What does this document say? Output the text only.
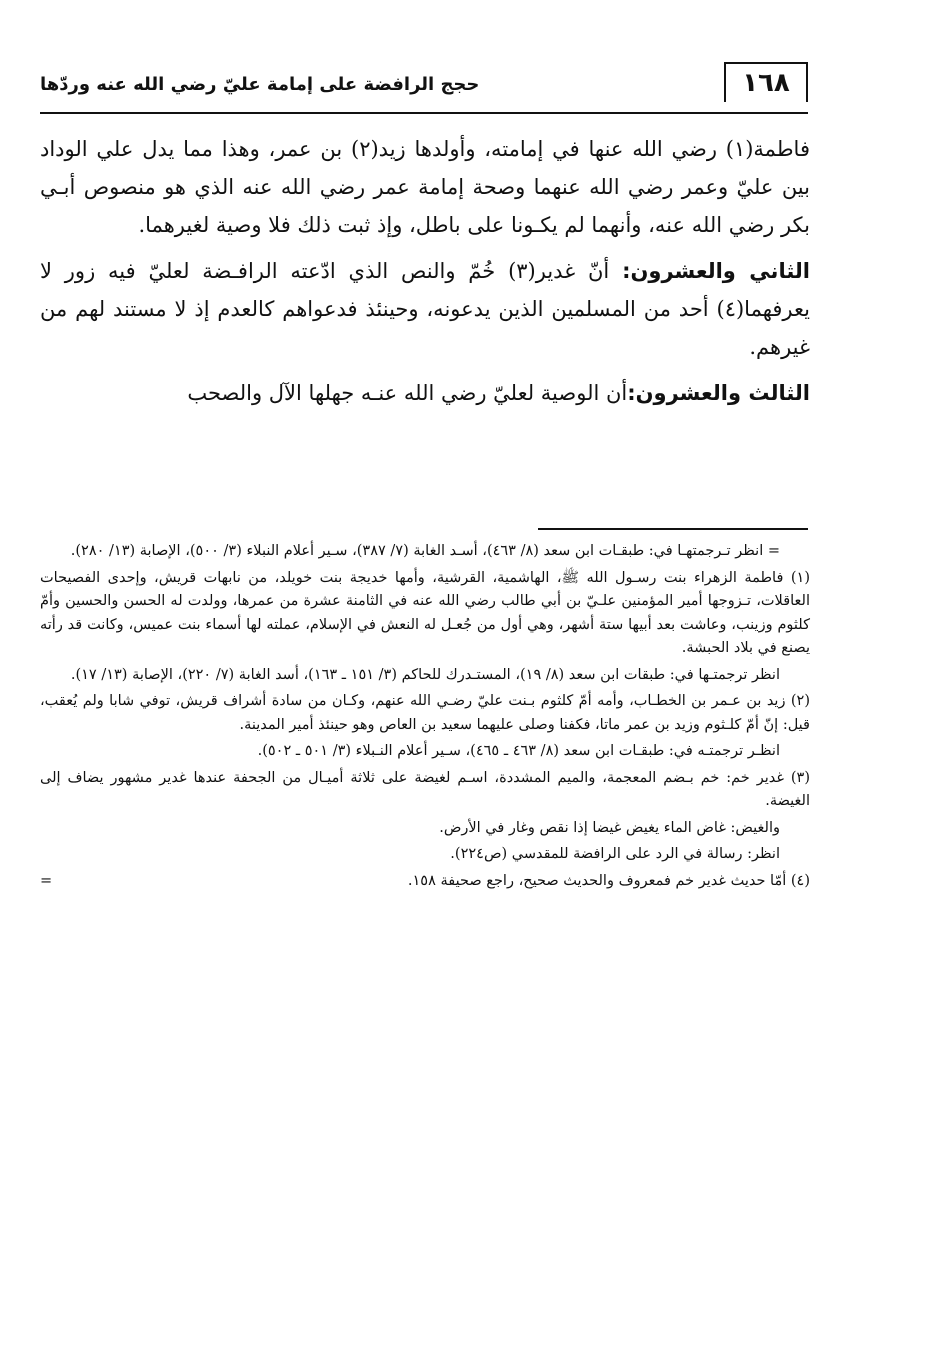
١٦٨
حجج الرافضة على إمامة عليّ رضي الله عنه وردّها

فاطمة(١) رضي الله عنها في إمامته، وأولدها زيد(٢) بن عمر، وهذا مما يدل علي الوداد بين عليّ وعمر رضي الله عنهما وصحة إمامة عمر رضي الله عنه الذي هو منصوص أبـي بكر رضي الله عنه، وأنهما لم يكـونا على باطل، وإذ ثبت ذلك فلا وصية لغيرهما.

الثاني والعشرون: أنّ غدير(٣) خُمّ والنص الذي ادّعته الرافـضة لعليّ فيه زور لا يعرفهما(٤) أحد من المسلمين الذين يدعونه، وحينئذ فدعواهم كالعدم إذ لا مستند لهم من غيرهم.

الثالث والعشرون:أن الوصية لعليّ رضي الله عنـه جهلها الآل والصحب

= انظر تـرجمتهـا في: طبقـات ابن سعد (٨/ ٤٦٣)، أسـد الغابة (٧/ ٣٨٧)، سـير أعلام النبلاء (٣/ ٥٠٠)، الإصابة (١٣/ ٢٨٠).

(١) فاطمة الزهراء بنت رسـول الله ﷺ، الهاشمية، القرشية، وأمها خديجة بنت خويلد، من نابهات قريش، وإحدى الفصيحات العاقلات، تـزوجها أمير المؤمنين علـيّ بن أبي طالب رضي الله عنه في الثامنة عشرة من عمرها، وولدت له الحسن والحسين وأمّ كلثوم وزينب، وعاشت بعد أبيها ستة أشهر، وهي أول من جُعـل له النعش في الإسلام، عملته لها أسماء بنت عميس، وكانت قد رأته يصنع في بلاد الحبشة.

انظر ترجمتـها في: طبقات ابن سعد (٨/ ١٩)، المستـدرك للحاكم (٣/ ١٥١ ـ ١٦٣)، أسد الغابة (٧/ ٢٢٠)، الإصابة (١٣/ ١٧).

(٢) زيد بن عـمر بن الخطـاب، وأمه أمّ كلثوم بـنت عليّ رضـي الله عنهم، وكـان من سادة أشراف قريش، توفي شابا ولم يُعقب، قيل: إنّ أمّ كلـثوم وزيد بن عمر ماتا، فكفنا وصلى عليهما سعيد بن العاص وهو حينئذ أمير المدينة.

انظـر ترجمتـه في: طبقـات ابن سعد (٨/ ٤٦٣ ـ ٤٦٥)، سـير أعلام النـبلاء (٣/ ٥٠١ ـ ٥٠٢).

(٣) غدير خم: خم بـضم المعجمة، والميم المشددة، اسـم لغيضة على ثلاثة أميـال من الجحفة عندها غدير مشهور يضاف إلى الغيضة.

والغيض: غاض الماء يغيض غيضا إذا نقص وغار في الأرض.

انظر: رسالة في الرد على الرافضة للمقدسي (ص٢٢٤).

(٤) أمّا حديث غدير خم فمعروف والحديث صحيح، راجع صحيفة ١٥٨.
=
